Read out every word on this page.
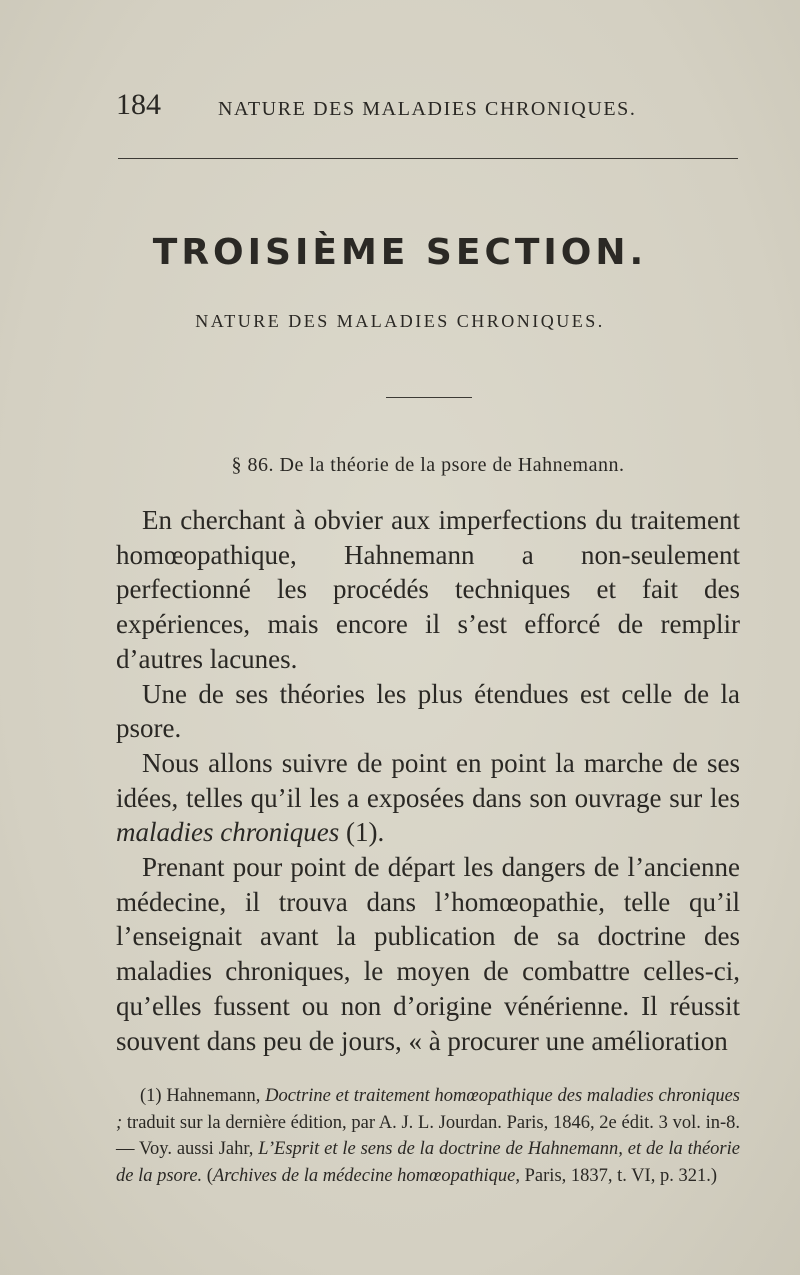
184	NATURE DES MALADIES CHRONIQUES.
TROISIÈME SECTION.
NATURE DES MALADIES CHRONIQUES.
§ 86. De la théorie de la psore de Hahnemann.

En cherchant à obvier aux imperfections du traitement homœopathique, Hahnemann a non-seulement perfectionné les procédés techniques et fait des expériences, mais encore il s’est efforcé de remplir d’autres lacunes.

Une de ses théories les plus étendues est celle de la psore.

Nous allons suivre de point en point la marche de ses idées, telles qu’il les a exposées dans son ouvrage sur les maladies chroniques (1).

Prenant pour point de départ les dangers de l’ancienne médecine, il trouva dans l’homœopathie, telle qu’il l’enseignait avant la publication de sa doctrine des maladies chroniques, le moyen de combattre celles-ci, qu’elles fussent ou non d’origine vénérienne. Il réussit souvent dans peu de jours, « à procurer une amélioration

(1) Hahnemann, Doctrine et traitement homœopathique des maladies chroniques ; traduit sur la dernière édition, par A. J. L. Jourdan. Paris, 1846, 2e édit. 3 vol. in-8.— Voy. aussi Jahr, L’Esprit et le sens de la doctrine de Hahnemann, et de la théorie de la psore. (Archives de la médecine homœopathique, Paris, 1837, t. VI, p. 321.)
